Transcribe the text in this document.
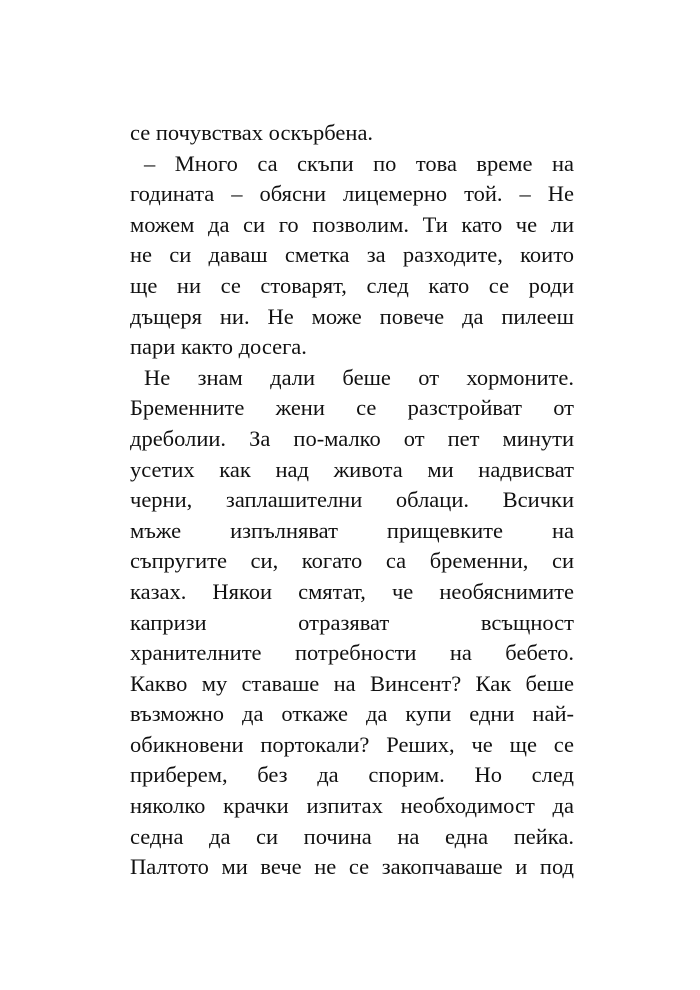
се почувствах оскърбена.
– Много са скъпи по това време на
годината – обясни лицемерно той. – Не
можем да си го позволим. Ти като че ли
не си даваш сметка за разходите, които
ще ни се стоварят, след като се роди
дъщеря ни. Не може повече да пилееш
пари както досега.
Не знам дали беше от хормоните.
Бременните жени се разстройват от
дреболии. За по-малко от пет минути
усетих как над живота ми надвисват
черни, заплашителни облаци. Всички
мъже изпълняват прищевките на
съпругите си, когато са бременни, си
казах. Някои смятат, че необяснимите
капризи отразяват всъщност
хранителните потребности на бебето.
Какво му ставаше на Винсент? Как беше
възможно да откаже да купи едни най-
обикновени портокали? Реших, че ще се
приберем, без да спорим. Но след
няколко крачки изпитах необходимост да
седна да си почина на една пейка.
Палтото ми вече не се закопчаваше и под
